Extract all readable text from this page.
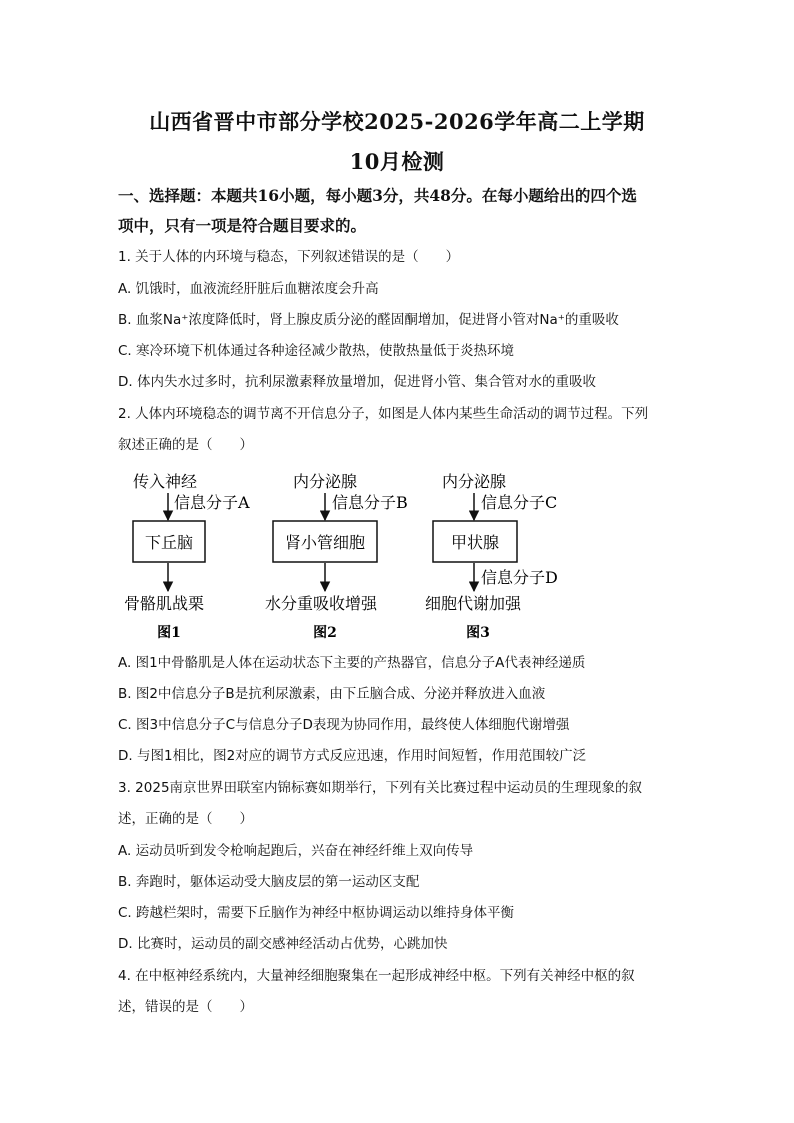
山西省晋中市部分学校2025-2026学年高二上学期
10月检测
一、选择题：本题共16小题，每小题3分，共48分。在每小题给出的四个选
项中，只有一项是符合题目要求的。
1. 关于人体的内环境与稳态，下列叙述错误的是（　　）
A. 饥饿时，血液流经肝脏后血糖浓度会升高
B. 血浆Na⁺浓度降低时，肾上腺皮质分泌的醛固酮增加，促进肾小管对Na⁺的重吸收
C. 寒冷环境下机体通过各种途径减少散热，使散热量低于炎热环境
D. 体内失水过多时，抗利尿激素释放量增加，促进肾小管、集合管对水的重吸收
2. 人体内环境稳态的调节离不开信息分子，如图是人体内某些生命活动的调节过程。下列
叙述正确的是（　　）
传入神经
信息分子A
下丘脑
骨骼肌战栗
图1
内分泌腺
信息分子B
肾小管细胞
水分重吸收增强
图2
内分泌腺
信息分子C
甲状腺
信息分子D
细胞代谢加强
图3
A. 图1中骨骼肌是人体在运动状态下主要的产热器官，信息分子A代表神经递质
B. 图2中信息分子B是抗利尿激素，由下丘脑合成、分泌并释放进入血液
C. 图3中信息分子C与信息分子D表现为协同作用，最终使人体细胞代谢增强
D. 与图1相比，图2对应的调节方式反应迅速，作用时间短暂，作用范围较广泛
3. 2025南京世界田联室内锦标赛如期举行，下列有关比赛过程中运动员的生理现象的叙
述，正确的是（　　）
A. 运动员听到发令枪响起跑后，兴奋在神经纤维上双向传导
B. 奔跑时，躯体运动受大脑皮层的第一运动区支配
C. 跨越栏架时，需要下丘脑作为神经中枢协调运动以维持身体平衡
D. 比赛时，运动员的副交感神经活动占优势，心跳加快
4. 在中枢神经系统内，大量神经细胞聚集在一起形成神经中枢。下列有关神经中枢的叙
述，错误的是（　　）
